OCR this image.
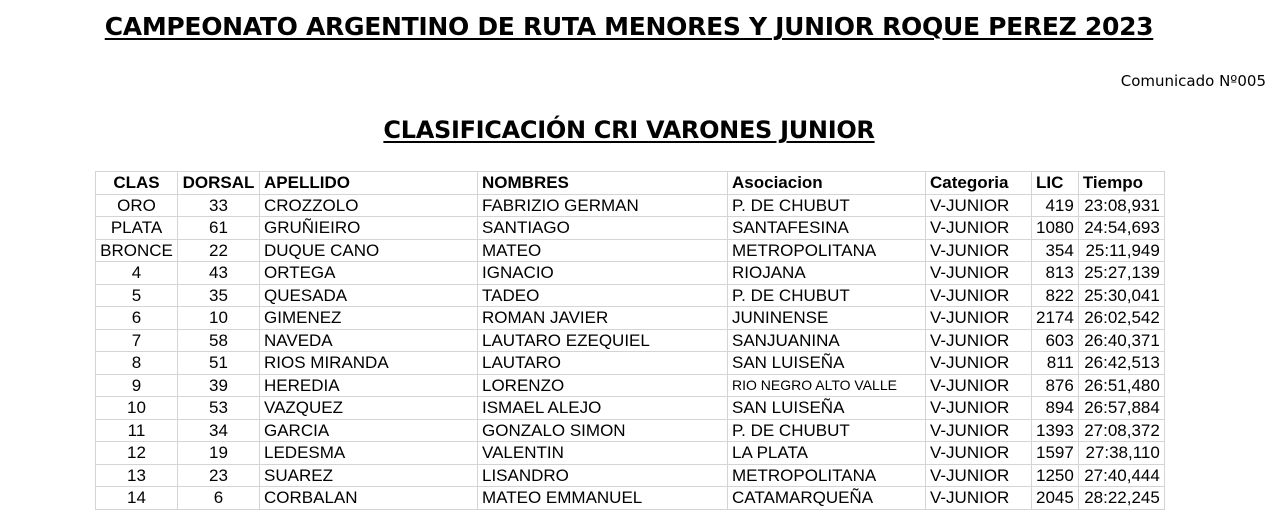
CAMPEONATO ARGENTINO DE RUTA MENORES Y JUNIOR ROQUE PEREZ 2023
Comunicado Nº005
CLASIFICACIÓN CRI VARONES JUNIOR
CLAS	DORSAL	APELLIDO	NOMBRES	Asociacion	Categoria	LIC	Tiempo
ORO	33	CROZZOLO	FABRIZIO GERMAN	P. DE CHUBUT	V-JUNIOR	419	23:08,931
PLATA	61	GRUÑIEIRO	SANTIAGO	SANTAFESINA	V-JUNIOR	1080	24:54,693
BRONCE	22	DUQUE CANO	MATEO	METROPOLITANA	V-JUNIOR	354	25:11,949
4	43	ORTEGA	IGNACIO	RIOJANA	V-JUNIOR	813	25:27,139
5	35	QUESADA	TADEO	P. DE CHUBUT	V-JUNIOR	822	25:30,041
6	10	GIMENEZ	ROMAN JAVIER	JUNINENSE	V-JUNIOR	2174	26:02,542
7	58	NAVEDA	LAUTARO EZEQUIEL	SANJUANINA	V-JUNIOR	603	26:40,371
8	51	RIOS MIRANDA	LAUTARO	SAN LUISEÑA	V-JUNIOR	811	26:42,513
9	39	HEREDIA	LORENZO	RIO NEGRO ALTO VALLE	V-JUNIOR	876	26:51,480
10	53	VAZQUEZ	ISMAEL ALEJO	SAN LUISEÑA	V-JUNIOR	894	26:57,884
11	34	GARCIA	GONZALO SIMON	P. DE CHUBUT	V-JUNIOR	1393	27:08,372
12	19	LEDESMA	VALENTIN	LA PLATA	V-JUNIOR	1597	27:38,110
13	23	SUAREZ	LISANDRO	METROPOLITANA	V-JUNIOR	1250	27:40,444
14	6	CORBALAN	MATEO EMMANUEL	CATAMARQUEÑA	V-JUNIOR	2045	28:22,245
